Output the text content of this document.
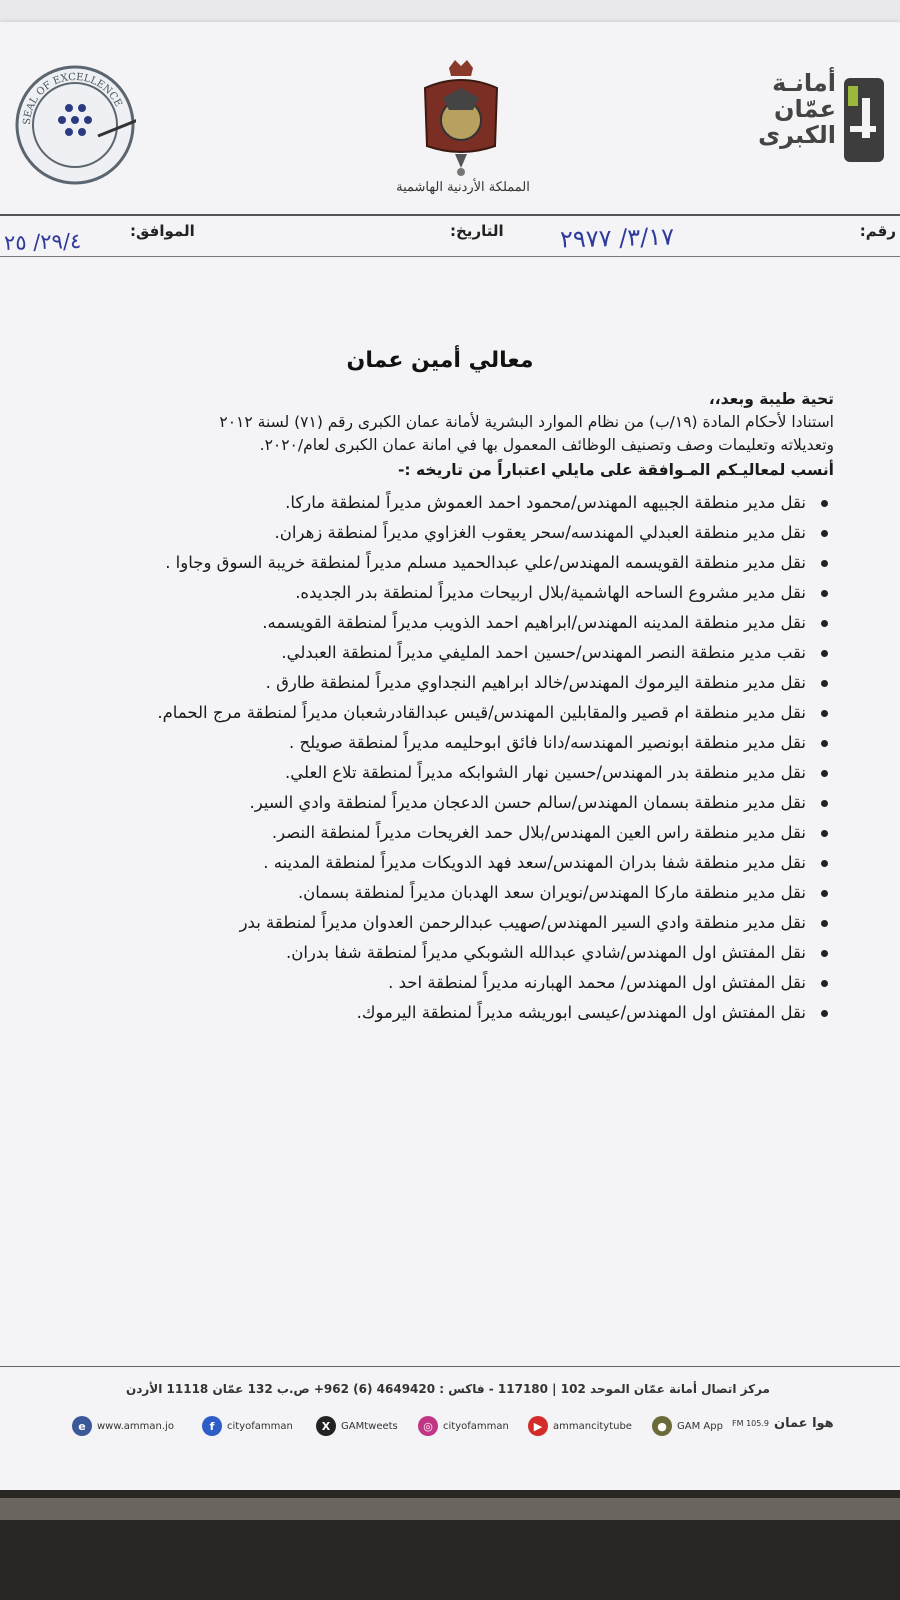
أمانـة
عمّان
الكبرى
المملكة الأردنية الهاشمية
SEAL OF EXCELLENCE
رقم:
٣/١٧/ ٢٩٧٧
التاريخ:
الموافق:
٢٩/٤/ ٢٥
معالي أمين عمان

تحية طيبة وبعد،،

استنادا لأحكام المادة (١٩/ب) من نظام الموارد البشرية لأمانة عمان الكبرى رقم (٧١) لسنة ٢٠١٢

وتعديلاته وتعليمات وصف وتصنيف الوظائف المعمول بها في امانة عمان الكبرى لعام/٢٠٢٠.

أنسب لمعاليـكم المـوافقة على مايلي اعتباراً من تاريخه :-

نقل مدير منطقة الجبيهه المهندس/محمود احمد العموش مديراً لمنطقة ماركا.
نقل مدير منطقة العبدلي المهندسه/سحر يعقوب الغزاوي مديراً لمنطقة زهران.
نقل مدير منطقة القويسمه المهندس/علي عبدالحميد مسلم مديراً لمنطقة خريبة السوق وجاوا .
نقل مدير مشروع الساحه الهاشمية/بلال اربيحات مديراً لمنطقة بدر الجديده.
نقل مدير منطقة المدينه المهندس/ابراهيم احمد الذويب مديراً لمنطقة القويسمه.
نقب مدير منطقة النصر المهندس/حسين احمد المليفي مديراً لمنطقة العبدلي.
نقل مدير منطقة اليرموك المهندس/خالد ابراهيم النجداوي مديراً لمنطقة طارق .
نقل مدير منطقة ام قصير والمقابلين المهندس/قيس عبدالقادرشعبان مديراً لمنطقة مرج الحمام.
نقل مدير منطقة ابونصير المهندسه/دانا فائق ابوحليمه مديراً لمنطقة صويلح .
نقل مدير منطقة بدر المهندس/حسين نهار الشوابكه مديراً لمنطقة تلاع العلي.
نقل مدير منطقة بسمان المهندس/سالم حسن الدعجان مديراً لمنطقة وادي السير.
نقل مدير منطقة راس العين المهندس/بلال حمد الغريحات مديراً لمنطقة النصر.
نقل مدير منطقة شفا بدران المهندس/سعد فهد الدويكات مديراً لمنطقة المدينه .
نقل مدير منطقة ماركا المهندس/نويران سعد الهدبان مديراً لمنطقة بسمان.
نقل مدير منطقة وادي السير المهندس/صهيب عبدالرحمن العدوان مديراً لمنطقة بدر
نقل المفتش اول المهندس/شادي عبدالله الشوبكي مديراً لمنطقة شفا بدران.
نقل المفتش اول المهندس/ محمد الهبارنه مديراً لمنطقة احد .
نقل المفتش اول المهندس/عيسى ابوريشه مديراً لمنطقة اليرموك.
مركز اتصال أمانة عمّان الموحد 102 | 117180 - فاكس : 4649420 (6) 962+ ص.ب 132 عمّان 11118 الأردن
e	www.amman.jo	f	cityofamman	X	GAMtweets	◎	cityofamman	▶	ammancitytube	●	GAM App	هوا عمان
105.9 FM
